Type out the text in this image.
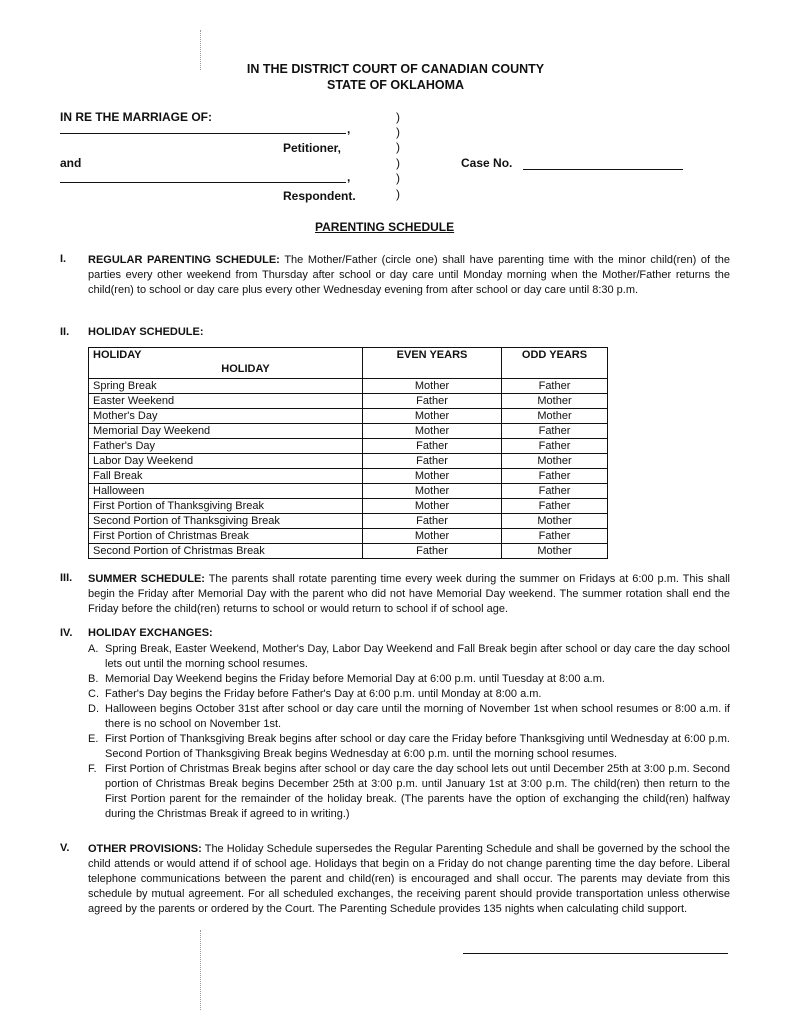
IN THE DISTRICT COURT OF CANADIAN COUNTY
STATE OF OKLAHOMA
IN RE THE MARRIAGE OF:
,
Petitioner,
and
,
Respondent.
)
)
)
)
)
)
Case No.
PARENTING SCHEDULE
I. REGULAR PARENTING SCHEDULE: The Mother/Father (circle one) shall have parenting time with the minor child(ren) of the parties every other weekend from Thursday after school or day care until Monday morning when the Mother/Father returns the child(ren) to school or day care plus every other Wednesday evening from after school or day care until 8:30 p.m.
II. HOLIDAY SCHEDULE:
HOLIDAY
HOLIDAY	EVEN YEARS	ODD YEARS
Spring Break	Mother	Father
Easter Weekend	Father	Mother
Mother's Day	Mother	Mother
Memorial Day Weekend	Mother	Father
Father's Day	Father	Father
Labor Day Weekend	Father	Mother
Fall Break	Mother	Father
Halloween	Mother	Father
First Portion of Thanksgiving Break	Mother	Father
Second Portion of Thanksgiving Break	Father	Mother
First Portion of Christmas Break	Mother	Father
Second Portion of Christmas Break	Father	Mother
III. SUMMER SCHEDULE: The parents shall rotate parenting time every week during the summer on Fridays at 6:00 p.m. This shall begin the Friday after Memorial Day with the parent who did not have Memorial Day weekend. The summer rotation shall end the Friday before the child(ren) returns to school or would return to school if of school age.
IV. HOLIDAY EXCHANGES:
A. Spring Break, Easter Weekend, Mother's Day, Labor Day Weekend and Fall Break begin after school or day care the day school lets out until the morning school resumes.
B. Memorial Day Weekend begins the Friday before Memorial Day at 6:00 p.m. until Tuesday at 8:00 a.m.
C. Father's Day begins the Friday before Father's Day at 6:00 p.m. until Monday at 8:00 a.m.
D. Halloween begins October 31st after school or day care until the morning of November 1st when school resumes or 8:00 a.m. if there is no school on November 1st.
E. First Portion of Thanksgiving Break begins after school or day care the Friday before Thanksgiving until Wednesday at 6:00 p.m. Second Portion of Thanksgiving Break begins Wednesday at 6:00 p.m. until the morning school resumes.
F. First Portion of Christmas Break begins after school or day care the day school lets out until December 25th at 3:00 p.m. Second portion of Christmas Break begins December 25th at 3:00 p.m. until January 1st at 3:00 p.m. The child(ren) then return to the First Portion parent for the remainder of the holiday break. (The parents have the option of exchanging the child(ren) halfway during the Christmas Break if agreed to in writing.)
V. OTHER PROVISIONS: The Holiday Schedule supersedes the Regular Parenting Schedule and shall be governed by the school the child attends or would attend if of school age. Holidays that begin on a Friday do not change parenting time the day before. Liberal telephone communications between the parent and child(ren) is encouraged and shall occur. The parents may deviate from this schedule by mutual agreement. For all scheduled exchanges, the receiving parent should provide transportation unless otherwise agreed by the parents or ordered by the Court. The Parenting Schedule provides 135 nights when calculating child support.
